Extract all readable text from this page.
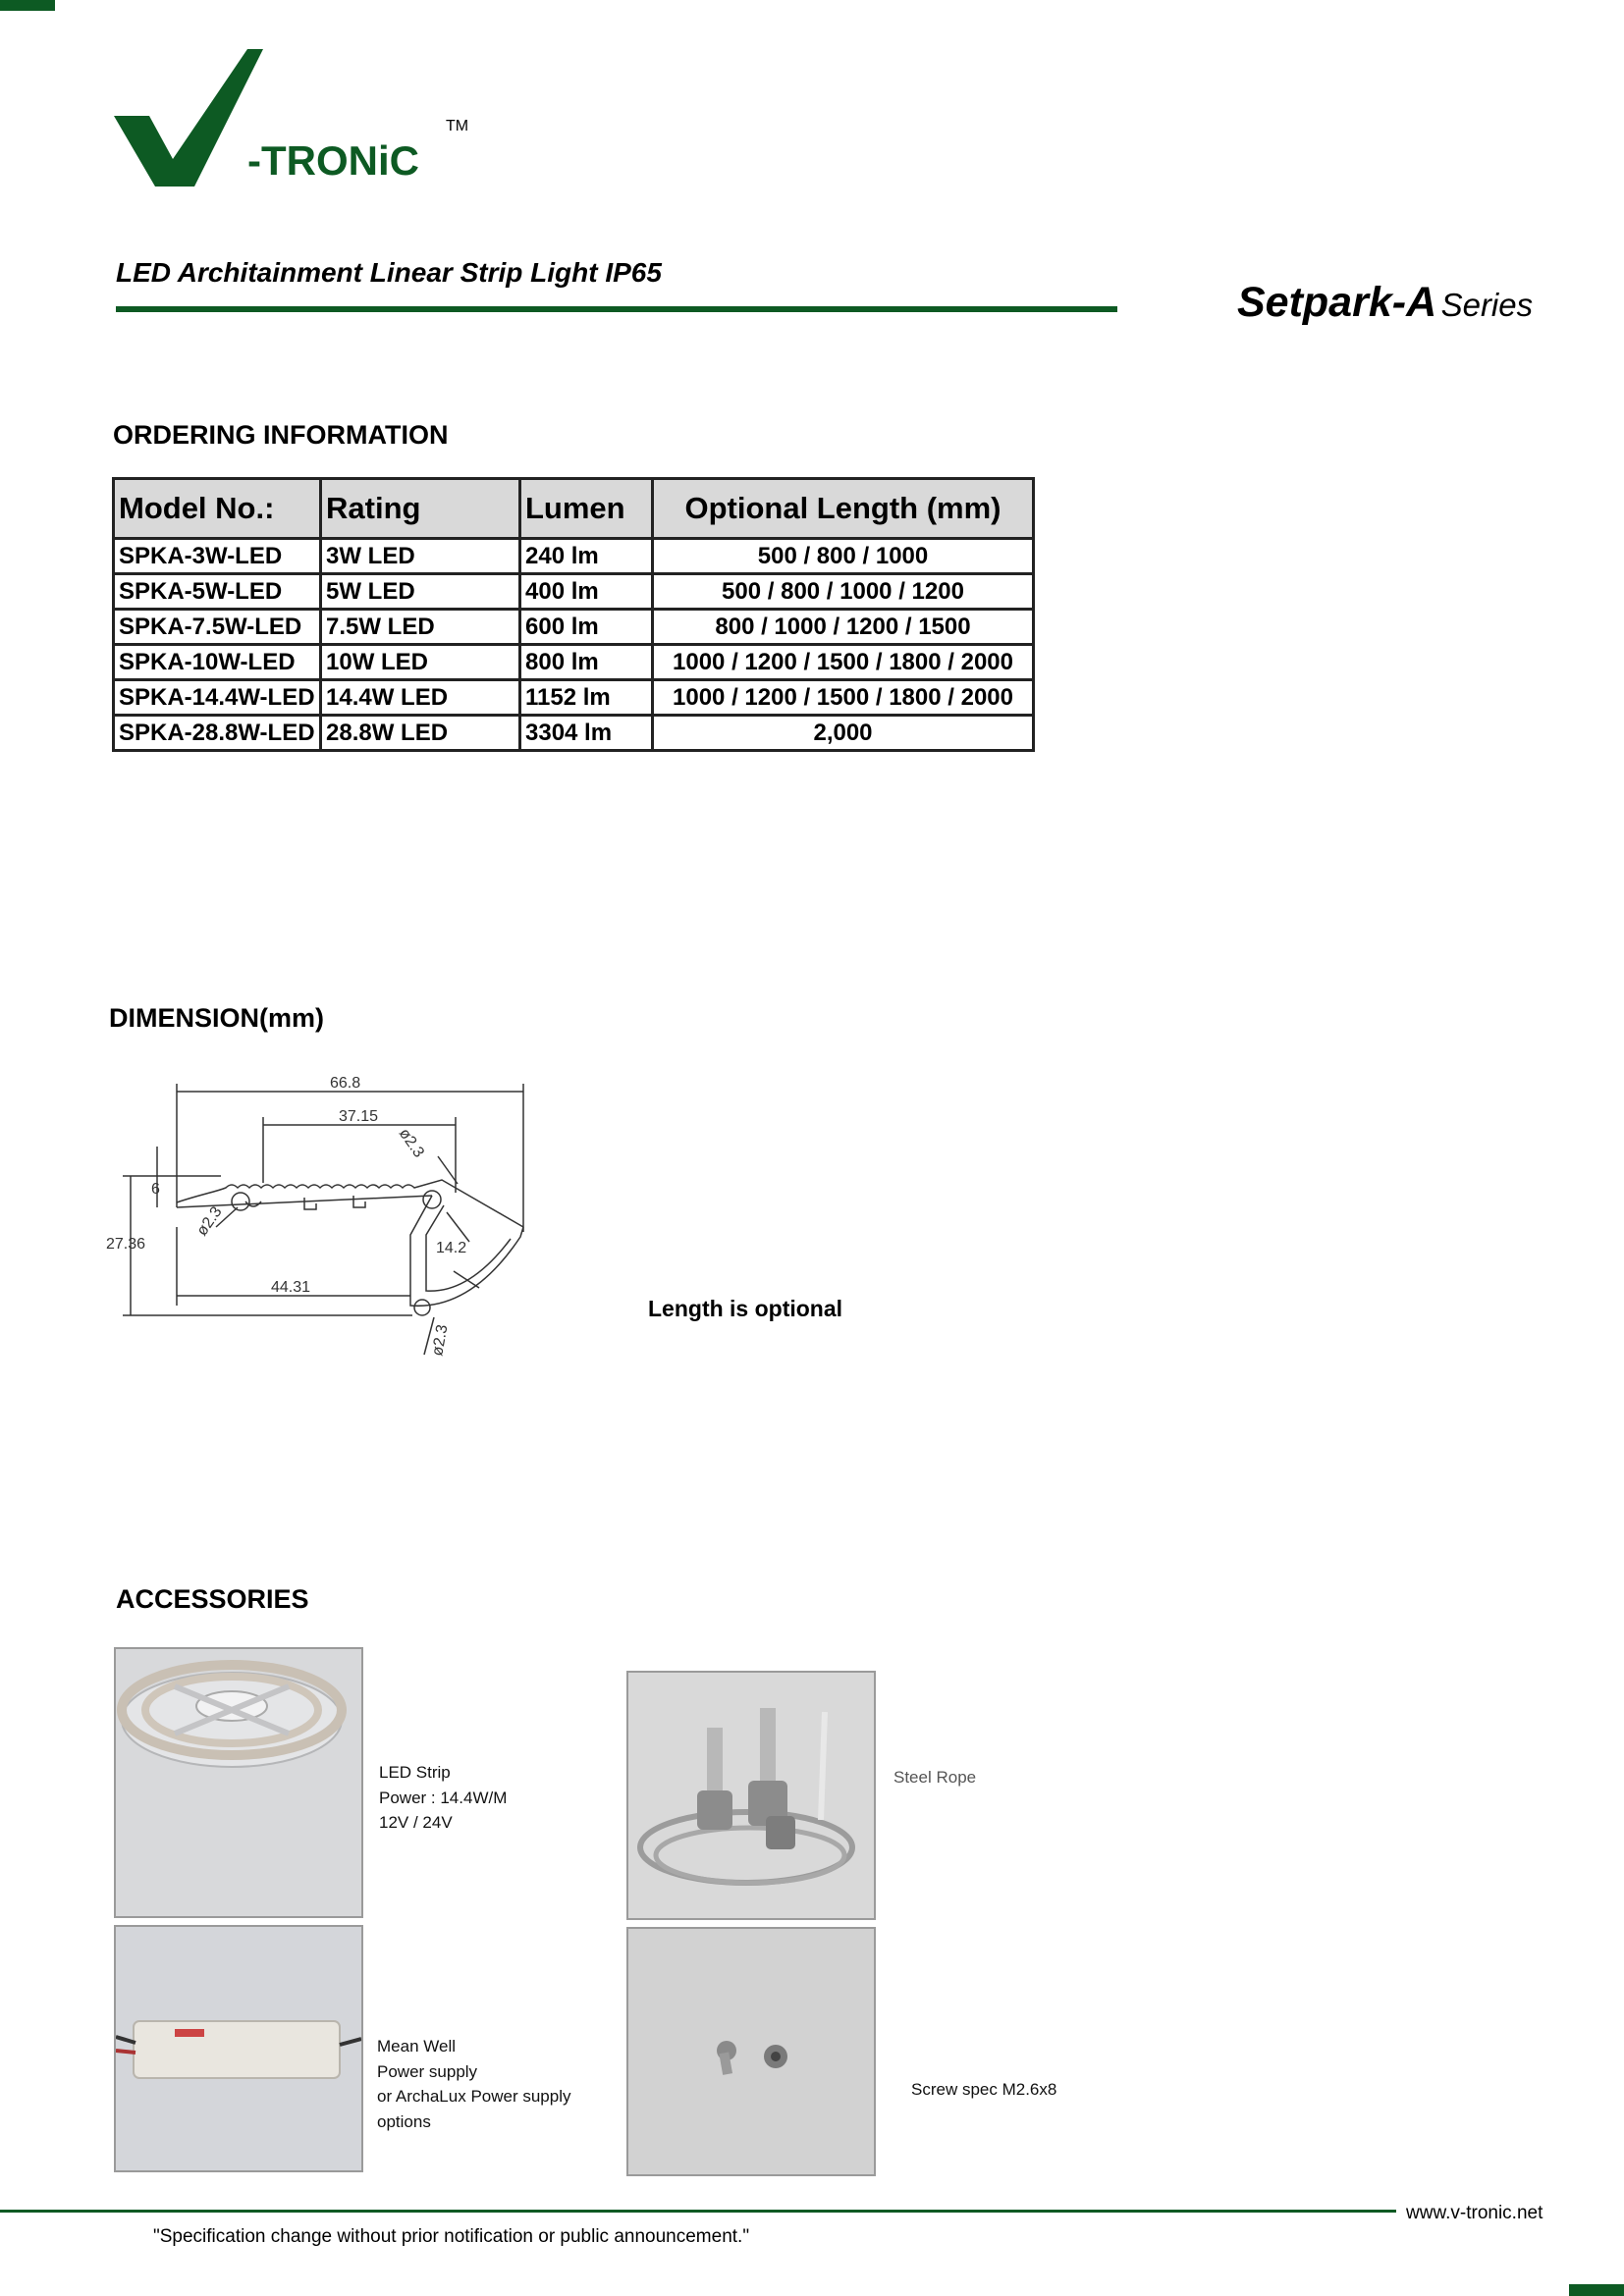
-TRONiC
TM
LED Architainment Linear Strip Light IP65
Setpark-A Series
ORDERING INFORMATION
Model No.:	Rating	Lumen	Optional Length (mm)
SPKA-3W-LED	3W LED	240 lm	500 / 800 / 1000
SPKA-5W-LED	5W LED	400 lm	500 / 800 / 1000 / 1200
SPKA-7.5W-LED	7.5W LED	600 lm	800 / 1000 / 1200 / 1500
SPKA-10W-LED	10W LED	800 lm	1000 / 1200 / 1500 / 1800 / 2000
SPKA-14.4W-LED	14.4W LED	1152 lm	1000 / 1200 / 1500 / 1800 / 2000
SPKA-28.8W-LED	28.8W LED	3304 lm	2,000
DIMENSION(mm)
66.8
37.15
27.36
6
ø2.3
ø2.3
14.2
44.31
ø2.3
Length is optional
ACCESSORIES
LED Strip
Power : 14.4W/M
12V / 24V
Steel Rope
Mean Well
Power supply
or ArchaLux Power supply
options
Screw spec M2.6x8
www.v-tronic.net
"Specification change without prior notification or public announcement."
